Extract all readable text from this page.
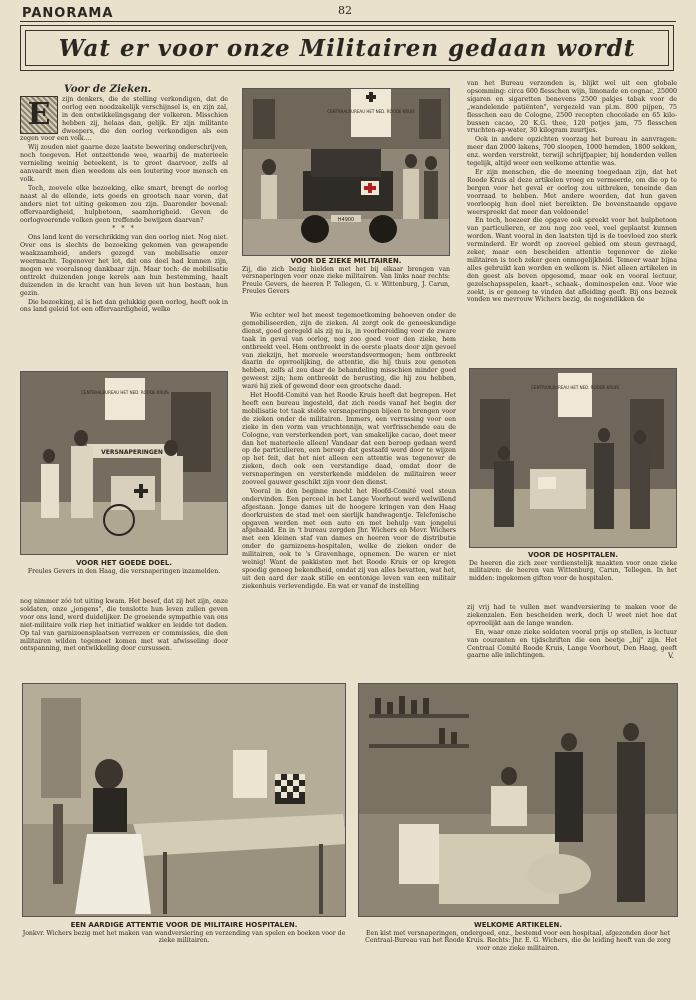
PANORAMA	82
Wat er voor onze Militairen gedaan wordt
Voor de Zieken.
E	zijn denkers, die de stelling verkondigen, dat de oorlog een noodzakelijk verschijnsel is, en zijn zal, in den ontwikkelingsgang der volkeren. Misschien hebben zij, helaas dan, gelijk. Er zijn militante dweepers, die den oorlog verkondigen als een zegen voor een volk....

Wij zouden niet gaarne deze laatste bewering onderschrijven, noch toegeven. Het ontzettende wee, waarbij de materieele vernieling weinig beteekent, is te groot daarvoor, zelfs al aanvaardt men dien weedom als een loutering voor mensch en volk.

Toch, zoovele elke bezoeking, elke smart, brengt de oorlog naast al de ellende, iets goeds en grootsch naar voren, dat anders niet tot uiting gekomen zou zijn. Daaronder bovenal: offervaardigheid, hulpbetoon, saamhorigheid. Geven de oorlogvoerende volken geen treffende bewijzen daarvan?

* * *

Ons land kent de verschrikking van den oorlog niet. Nog niet. Over ons is slechts de bezoeking gekomen van gewapende waakzaamheid, anders gezegd van mobilisatie onzer weermacht. Tegenover het lot, dat ons deel had kunnen zijn, mogen we vooralsnog dankbaar zijn. Maar toch: de mobilisatie onttrekt duizenden jonge kerels aan hun bestemming, haalt duizenden in de kracht van hun leven uit hun bestaan, hun gezin.

Die bezoeking, al is het dan gelukkig geen oorlog, heeft ook in ons land geleid tot een offervaardigheid, welke

CENTRAALBUREAU HET NED. ROODE KRUIS
H4900
VOOR DE ZIEKE MILITAIREN.
Zij, die zich bezig hielden met het bij elkaar brengen van versnaperingen voor onze zieke militairen. Van links naar rechts: Freule Gevers, de heeren P. Tellegen, G. v. Wittenburg, J. Carun, Freules Gevers
CENTRAALBUREAU HET NED. ROODE KRUIS
VERSNAPERINGEN
VOOR HET GOEDE DOEL.
Freules Gevers in den Haag, die versnaperingen inzamelden.

nog nimmer zóó tot uiting kwam. Het besef, dat zij het zijn, onze soldaten, onze „jongens", die tenslotte hun leven zullen geven voor ons land, werd duidelijker. De groeiende sympathie van ons niet-militaire volk riep het initiatief wakker en leidde tot daden. Op tal van garnizoensplaatsen verrezen er commissies, die den militairen wilden tegemoet komen met wat afwisseling door ontspanning, met ontwikkeling door cursussen.

Wie echter wel het meest tegemoetkoming behoeven onder de gemobiliseerden, zijn de zieken. Al zorgt ook de geneeskundige dienst, goed geregeld als zij nu is, in voorbereiding voor de zware taak in geval van oorlog, nog zoo goed voor den zieke, hem ontbreekt veel. Hem ontbreekt in de eerste plaats door zijn gevoel van ziekzijn, het moreele weerstandsvermogen; hem ontbreekt daarin de opvroolijking, de attentie, die hij thuis zou genoten hebben, zelfs al zou daar de behandeling misschien minder goed geweest zijn; hem ontbreekt de berusting, die hij zou hebben, waré hij ziek of gewond door een grootsche daad.

Het Hoofd-Comité van het Roode Kruis heeft dat begrepen. Het heeft een bureau ingesteld, dat zich reeds vanaf het begin der mobilisatie tot taak stelde versnaperingen bijeen te brengen voor de zieken onder de militairen. Immers, een verrassing voor een zieke in den vorm van vruchtennijn, wat verfrisschende eau de Cologne, van versterkenden port, van smakelijke cacao, doet meer dan het materieele alleen! Vandaar dat een beroep gedaan werd op de particulieren, een beroep dat gestaafd werd door te wijzen op het feit, dat het niet alleen een attentie was tegenover de zieken, doch ook een verstandige daad, omdat door de versnaperingen en versterkende middelen de militairen weer zooveel gauwer geschikt zijn voor den dienst.

Vooral in den beginne mocht het Hoofd-Comité veel steun ondervinden. Een perceel in het Lange Voorhout werd welwillend afgestaan. Jonge dames uit de hoogere kringen van den Haag doorkruisten de stad met een sierlijk handwagentje. Telefonische opgaven werden met een auto en met behulp van jongelui afgehaald. En in 't bureau zorgden Jhr. Wichers en Mevr. Wichers met een kleinen staf van dames en heeren voor de distributie onder de garnizoens-hospitalen, welke de zieken onder de militairen, ook te 's Gravenhage, opnemen. De waren er niet weinig! Want de pakkisten met het Roode Kruis er op kregen spoedig genoeg bekendheid, omdat zij van alles bevatten, wat het, uit den aard der zaak stille en eentonige leven van een militair ziekenhuis verlevendigde. En wat er vanaf de instelling

van het Bureau verzonden is, blijkt wel uit een globale opsomming: circa 600 flesschen wijn, limonade en cognac, 25000 sigaren en sigaretten benevens 2500 pakjes tabak voor de „wandelende patiënten", vergezeld van pl.m. 800 pijpen, 75 flesschen eau de Cologne, 2500 recepten chocolade en 65 kilo-bussen cacao, 20 K.G. thee, 120 potjes jam, 75 flesschen vruchten-ap-water, 30 kilogram zuurtjes.

Ook in andere opzichten voorzag het bureau in aanvragen: meer dan 2000 lakens, 700 sloopen, 1000 hemden, 1800 sokken, enz. werden verstrekt, terwijl schrijfpapier, bij honderden vellen tegelijk, altijd weer een welkome attentie was.

Er zijn menschen, die de meening toegedaan zijn, dat het Roode Kruis al deze artikelen vroeg en vermeerde, om die op te bergen voor het geval er oorlog zou uitbreken, teneinde dan voorraad te hebben. Met andere woorden, dat hun gaven voorloopig hun doel niet bereikten. De bovenstaande opgave weerspreekt dat meer dan voldoende!

En toch, hoezeer die opgave ook spreekt voor het hulpbetoon van particulieren, er zou nog zoo veel, veel geplaatst kunnen worden. Want vooral in den laatsten tijd is de toevloed zoo sterk verminderd. Er wordt op zooveel gebied om steun gevraagd, zeker, maar een bescheiden attentie tegenover de zieke militairen is toch zeker geen onmogelijkheid. Temeer waar bijna alles gebruikt kan worden en welkom is. Niet alleen artikelen in den geest als boven opgesomd, maar ook en vooral lectuur, gezelschapsspelen, kaart-, schaak-, dominospelen enz. Voor wie zoekt, is er genoeg te vinden dat afleiding geeft. Bij ons bezoek vonden we mevrouw Wichers bezig, de nogendikken de

CENTRAALBUREAU HET NED. ROODE KRUIS
VOOR DE HOSPITALEN.
De heeren die zich zeer verdienstelijk maakten voor onze zieke militairen: de heeren van Wittenburg, Carun, Tellegen. In het midden: ingekomen giften voor de hospitalen.

zij vrij had te vullen met wandversiering te maken voor de ziekenzalen. Een bescheiden werk, doch U weet niet hoe dat opvroolijkt aan de lange wanden.

En, waar onze zieke soldaten vooral prijs op stellen, is lectuur van couranten en tijdschriften die een beetje „bij" zijn. Het Centraal Comité Roode Kruis, Lange Voorhout, Den Haag, geeft gaarne alle inlichtingen.	V.
EEN AARDIGE ATTENTIE VOOR DE MILITAIRE HOSPITALEN.
Jonkvr. Wichers bezig met het maken van wandversiering en verzending van spelen en boeken voor de zieke militairen.
WELKOME ARTIKELEN.
Een kist met versnaperingen, ondergoed, enz., bestemd voor een hospitaal, afgezonden door het Centraal-Bureau van het Roode Kruis. Rechts: Jhr. E. G. Wichers, die de leiding heeft van de zorg voor onze zieke militairen.
